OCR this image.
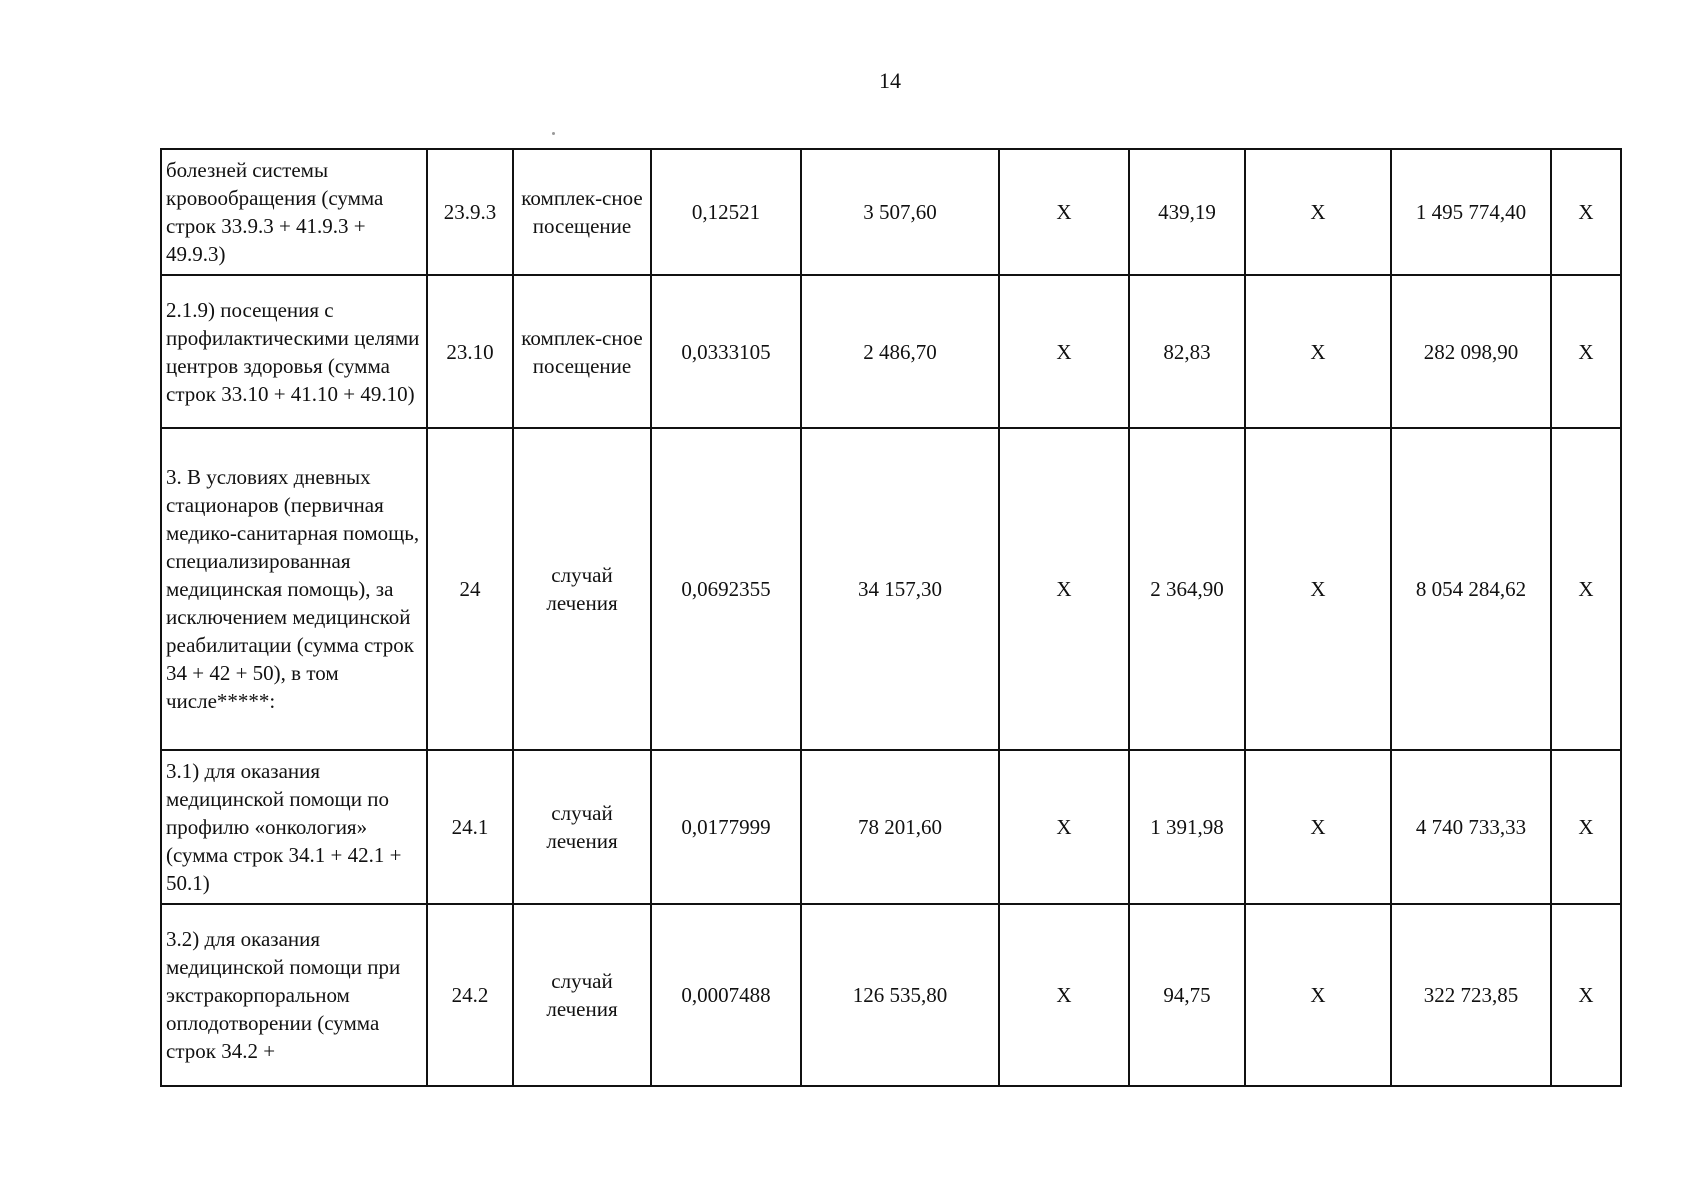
14
болезней системы кровообращения (сумма строк 33.9.3 + 41.9.3 + 49.9.3)	23.9.3	комплек-сное посещение	0,12521	3 507,60	X	439,19	X	1 495 774,40	X
2.1.9) посещения с профилактическими целями центров здоровья (сумма строк 33.10 + 41.10 + 49.10)	23.10	комплек-сное посещение	0,0333105	2 486,70	X	82,83	X	282 098,90	X
3. В условиях дневных стационаров (первичная медико-санитарная помощь, специализированная медицинская помощь), за исключением медицинской реабилитации (сумма строк 34 + 42 + 50), в том числе*****:	24	случай лечения	0,0692355	34 157,30	X	2 364,90	X	8 054 284,62	X
3.1) для оказания медицинской помощи по профилю «онкология» (сумма строк 34.1 + 42.1 + 50.1)	24.1	случай лечения	0,0177999	78 201,60	X	1 391,98	X	4 740 733,33	X
3.2) для оказания медицинской помощи при экстракорпоральном оплодотворении (сумма строк 34.2 +	24.2	случай лечения	0,0007488	126 535,80	X	94,75	X	322 723,85	X
